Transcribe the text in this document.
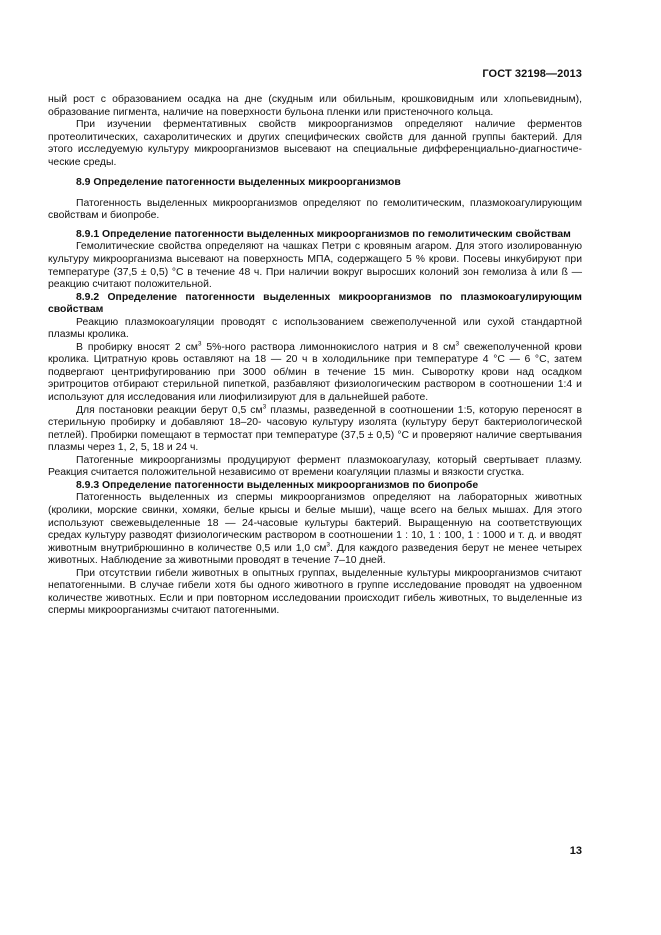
ГОСТ 32198—2013

ный рост с образованием осадка на дне (скудным или обильным, крошковидным или хлопьевидным), образование пигмента, наличие на поверхности бульона пленки или пристеночного кольца.

При изучении ферментативных свойств микроорганизмов определяют наличие ферментов протеолитических, сахаролитических и других специфических свойств для данной группы бактерий. Для этого исследуемую культуру микроорганизмов высевают на специальные дифференциально-диагностиче-ческие среды.

8.9 Определение патогенности выделенных микроорганизмов

Патогенность выделенных микроорганизмов определяют по гемолитическим, плазмокоагулирующим свойствам и биопробе.

8.9.1 Определение патогенности выделенных микроорганизмов по гемолитическим свойствам

Гемолитические свойства определяют на чашках Петри с кровяным агаром. Для этого изолированную культуру микроорганизма высевают на поверхность МПА, содержащего 5 % крови. Посевы инкубируют при температуре (37,5 ± 0,5) °С в течение 48 ч. При наличии вокруг выросших колоний зон гемолиза à или ß — реакцию считают положительной.

8.9.2 Определение патогенности выделенных микроорганизмов по плазмокоагулирующим свойствам

Реакцию плазмокоагуляции проводят с использованием свежеполученной или сухой стандартной плазмы кролика.

В пробирку вносят 2 $см^3$ 5%-ного раствора лимоннокислого натрия и 8 $см^3$ свежеполученной крови кролика. Цитратную кровь оставляют на 18 — 20 ч в холодильнике при температуре 4 °С — 6 °С, затем подвергают центрифугированию при 3000 об/мин в течение 15 мин. Сыворотку крови над осадком эритроцитов отбирают стерильной пипеткой, разбавляют физиологическим раствором в соотношении 1:4 и используют для исследования или лиофилизируют для в дальнейшей работе.

Для постановки реакции берут 0,5 $см^3$ плазмы, разведенной в соотношении 1:5, которую переносят в стерильную пробирку и добавляют 18–20- часовую культуру изолята (культуру берут бактериологической петлей). Пробирки помещают в термостат при температуре (37,5 ± 0,5) °С и проверяют наличие свертывания плазмы через 1, 2, 5, 18 и 24 ч.

Патогенные микроорганизмы продуцируют фермент плазмокоагулазу, который свертывает плазму. Реакция считается положительной независимо от времени коагуляции плазмы и вязкости сгустка.

8.9.3 Определение патогенности выделенных микроорганизмов по биопробе

Патогенность выделенных из спермы микроорганизмов определяют на лабораторных животных (кролики, морские свинки, хомяки, белые крысы и белые мыши), чаще всего на белых мышах. Для этого используют свежевыделенные 18 — 24-часовые культуры бактерий. Выращенную на соответствующих средах культуру разводят физиологическим раствором в соотношении 1 : 10, 1 : 100, 1 : 1000 и т. д. и вводят животным внутрибрюшинно в количестве 0,5 или 1,0 $см^3$. Для каждого разведения берут не менее четырех животных. Наблюдение за животными проводят в течение 7–10 дней.

При отсутствии гибели животных в опытных группах, выделенные культуры микроорганизмов считают непатогенными. В случае гибели хотя бы одного животного в группе исследование проводят на удвоенном количестве животных. Если и при повторном исследовании происходит гибель животных, то выделенные из спермы микроорганизмы считают патогенными.

13
